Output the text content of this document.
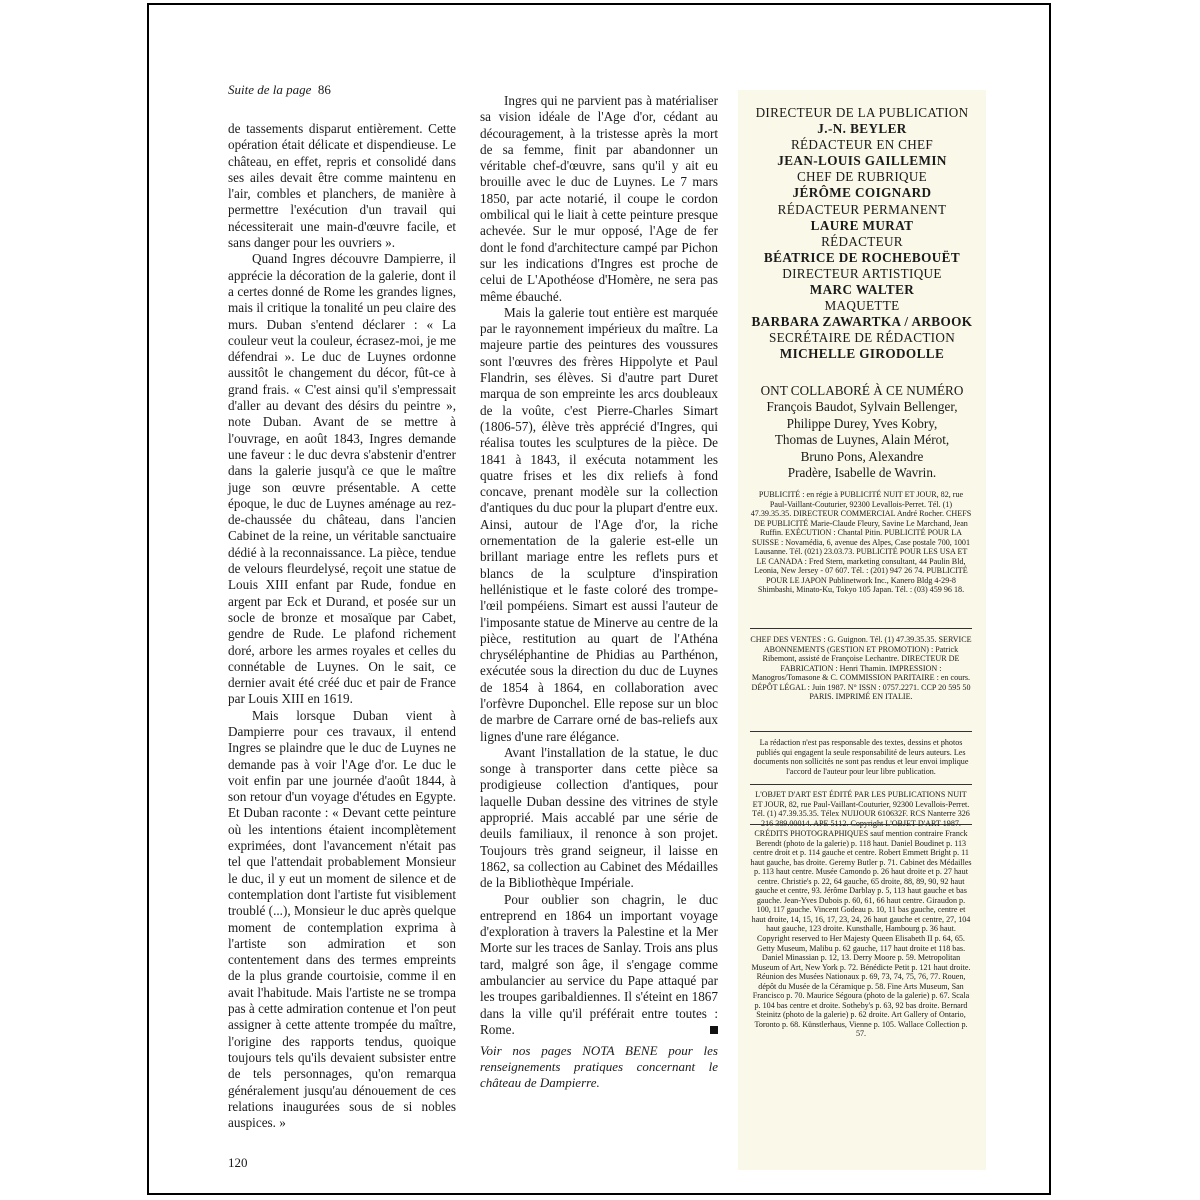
Suite de la page 86

de tassements disparut entièrement. Cette opération était délicate et dispendieuse. Le château, en effet, repris et consolidé dans ses ailes devait être comme maintenu en l'air, combles et planchers, de manière à permettre l'exécution d'un travail qui nécessiterait une main-d'œuvre facile, et sans danger pour les ouvriers ».

Quand Ingres découvre Dampierre, il apprécie la décoration de la galerie, dont il a certes donné de Rome les grandes lignes, mais il critique la tonalité un peu claire des murs. Duban s'entend déclarer : « La couleur veut la couleur, écrasez-moi, je me défendrai ». Le duc de Luynes ordonne aussitôt le changement du décor, fût-ce à grand frais. « C'est ainsi qu'il s'empressait d'aller au devant des désirs du peintre », note Duban. Avant de se mettre à l'ouvrage, en août 1843, Ingres demande une faveur : le duc devra s'abstenir d'entrer dans la galerie jusqu'à ce que le maître juge son œuvre présentable. A cette époque, le duc de Luynes aménage au rez-de-chaussée du château, dans l'ancien Cabinet de la reine, un véritable sanctuaire dédié à la reconnaissance. La pièce, tendue de velours fleurdelysé, reçoit une statue de Louis XIII enfant par Rude, fondue en argent par Eck et Durand, et posée sur un socle de bronze et mosaïque par Cabet, gendre de Rude. Le plafond richement doré, arbore les armes royales et celles du connétable de Luynes. On le sait, ce dernier avait été créé duc et pair de France par Louis XIII en 1619.

Mais lorsque Duban vient à Dampierre pour ces travaux, il entend Ingres se plaindre que le duc de Luynes ne demande pas à voir l'Age d'or. Le duc le voit enfin par une journée d'août 1844, à son retour d'un voyage d'études en Egypte. Et Duban raconte : « Devant cette peinture où les intentions étaient incomplètement exprimées, dont l'avancement n'était pas tel que l'attendait probablement Monsieur le duc, il y eut un moment de silence et de contemplation dont l'artiste fut visiblement troublé (...), Monsieur le duc après quelque moment de contemplation exprima à l'artiste son admiration et son contentement dans des termes empreints de la plus grande courtoisie, comme il en avait l'habitude. Mais l'artiste ne se trompa pas à cette admiration contenue et l'on peut assigner à cette attente trompée du maître, l'origine des rapports tendus, quoique toujours tels qu'ils devaient subsister entre de tels personnages, qu'on remarqua généralement jusqu'au dénouement de ces relations inaugurées sous de si nobles auspices. »

Ingres qui ne parvient pas à matérialiser sa vision idéale de l'Age d'or, cédant au découragement, à la tristesse après la mort de sa femme, finit par abandonner un véritable chef-d'œuvre, sans qu'il y ait eu brouille avec le duc de Luynes. Le 7 mars 1850, par acte notarié, il coupe le cordon ombilical qui le liait à cette peinture presque achevée. Sur le mur opposé, l'Age de fer dont le fond d'architecture campé par Pichon sur les indications d'Ingres est proche de celui de L'Apothéose d'Homère, ne sera pas même ébauché.

Mais la galerie tout entière est marquée par le rayonnement impérieux du maître. La majeure partie des peintures des voussures sont l'œuvres des frères Hippolyte et Paul Flandrin, ses élèves. Si d'autre part Duret marqua de son empreinte les arcs doubleaux de la voûte, c'est Pierre-Charles Simart (1806-57), élève très apprécié d'Ingres, qui réalisa toutes les sculptures de la pièce. De 1841 à 1843, il exécuta notamment les quatre frises et les dix reliefs à fond concave, prenant modèle sur la collection d'antiques du duc pour la plupart d'entre eux. Ainsi, autour de l'Age d'or, la riche ornementation de la galerie est-elle un brillant mariage entre les reflets purs et blancs de la sculpture d'inspiration hellénistique et le faste coloré des trompe-l'œil pompéiens. Simart est aussi l'auteur de l'imposante statue de Minerve au centre de la pièce, restitution au quart de l'Athéna chryséléphantine de Phidias au Parthénon, exécutée sous la direction du duc de Luynes de 1854 à 1864, en collaboration avec l'orfèvre Duponchel. Elle repose sur un bloc de marbre de Carrare orné de bas-reliefs aux lignes d'une rare élégance.

Avant l'installation de la statue, le duc songe à transporter dans cette pièce sa prodigieuse collection d'antiques, pour laquelle Duban dessine des vitrines de style approprié. Mais accablé par une série de deuils familiaux, il renonce à son projet. Toujours très grand seigneur, il laisse en 1862, sa collection au Cabinet des Médailles de la Bibliothèque Impériale.

Pour oublier son chagrin, le duc entreprend en 1864 un important voyage d'exploration à travers la Palestine et la Mer Morte sur les traces de Sanlay. Trois ans plus tard, malgré son âge, il s'engage comme ambulancier au service du Pape attaqué par les troupes garibaldiennes. Il s'éteint en 1867 dans la ville qu'il préférait entre toutes : Rome.

Voir nos pages NOTA BENE pour les renseignements pratiques concernant le château de Dampierre.
DIRECTEUR DE LA PUBLICATION
J.-N. BEYLER
RÉDACTEUR EN CHEF
JEAN-LOUIS GAILLEMIN
CHEF DE RUBRIQUE
JÉRÔME COIGNARD
RÉDACTEUR PERMANENT
LAURE MURAT
RÉDACTEUR
BÉATRICE DE ROCHEBOUËT
DIRECTEUR ARTISTIQUE
MARC WALTER
MAQUETTE
BARBARA ZAWARTKA / ARBOOK
SECRÉTAIRE DE RÉDACTION
MICHELLE GIRODOLLE
ONT COLLABORÉ À CE NUMÉRO
François Baudot, Sylvain Bellenger,
Philippe Durey, Yves Kobry,
Thomas de Luynes, Alain Mérot,
Bruno Pons, Alexandre
Pradère, Isabelle de Wavrin.

PUBLICITÉ : en régie à PUBLICITÉ NUIT ET JOUR, 82, rue Paul-Vaillant-Couturier, 92300 Levallois-Perret. Tél. (1) 47.39.35.35. DIRECTEUR COMMERCIAL André Rocher. CHEFS DE PUBLICITÉ Marie-Claude Fleury, Savine Le Marchand, Jean Ruffin. EXÉCUTION : Chantal Pitin. PUBLICITÉ POUR LA SUISSE : Novamédia, 6, avenue des Alpes, Case postale 700, 1001 Lausanne. Tél. (021) 23.03.73. PUBLICITÉ POUR LES USA ET LE CANADA : Fred Stern, marketing consultant, 44 Paulin Bld, Leonia, New Jersey - 07 607. Tél. : (201) 947 26 74. PUBLICITÉ POUR LE JAPON Publinetwork Inc., Kanero Bldg 4-29-8 Shimbashi, Minato-Ku, Tokyo 105 Japan. Tél. : (03) 459 96 18.

CHEF DES VENTES : G. Guignon. Tél. (1) 47.39.35.35. SERVICE ABONNEMENTS (GESTION ET PROMOTION) : Patrick Ribemont, assisté de Françoise Lechantre. DIRECTEUR DE FABRICATION : Henri Thamin. IMPRESSION : Manogros/Tomasone & C. COMMISSION PARITAIRE : en cours. DÉPÔT LÉGAL : Juin 1987. N° ISSN : 0757.2271. CCP 20 595 50 PARIS. IMPRIMÉ EN ITALIE.

La rédaction n'est pas responsable des textes, dessins et photos publiés qui engagent la seule responsabilité de leurs auteurs. Les documents non sollicités ne sont pas rendus et leur envoi implique l'accord de l'auteur pour leur libre publication.

L'OBJET D'ART EST ÉDITÉ PAR LES PUBLICATIONS NUIT ET JOUR, 82, rue Paul-Vaillant-Couturier, 92300 Levallois-Perret. Tél. (1) 47.39.35.35. Télex NUIJOUR 610632F. RCS Nanterre 326 216 389.00014. APE 5112. Copyright L'OBJET D'ART 1987.

CRÉDITS PHOTOGRAPHIQUES sauf mention contraire Franck Berendt (photo de la galerie) p. 118 haut. Daniel Boudinet p. 113 centre droit et p. 114 gauche et centre. Robert Emmett Bright p. 11 haut gauche, bas droite. Geremy Butler p. 71. Cabinet des Médailles p. 113 haut centre. Musée Camondo p. 26 haut droite et p. 27 haut centre. Christie's p. 22, 64 gauche, 65 droite, 88, 89, 90, 92 haut gauche et centre, 93. Jérôme Darblay p. 5, 113 haut gauche et bas gauche. Jean-Yves Dubois p. 60, 61, 66 haut centre. Giraudon p. 100, 117 gauche. Vincent Godeau p. 10, 11 bas gauche, centre et haut droite, 14, 15, 16, 17, 23, 24, 26 haut gauche et centre, 27, 104 haut gauche, 123 droite. Kunsthalle, Hambourg p. 36 haut. Copyright reserved to Her Majesty Queen Elisabeth II p. 64, 65. Getty Museum, Malibu p. 62 gauche, 117 haut droite et 118 bas. Daniel Minassian p. 12, 13. Derry Moore p. 59. Metropolitan Museum of Art, New York p. 72. Bénédicte Petit p. 121 haut droite. Réunion des Musées Nationaux p. 69, 73, 74, 75, 76, 77. Rouen, dépôt du Musée de la Céramique p. 58. Fine Arts Museum, San Francisco p. 70. Maurice Ségoura (photo de la galerie) p. 67. Scala p. 104 bas centre et droite. Sotheby's p. 63, 92 bas droite. Bernard Steinitz (photo de la galerie) p. 62 droite. Art Gallery of Ontario, Toronto p. 68. Künstlerhaus, Vienne p. 105. Wallace Collection p. 57.

120
